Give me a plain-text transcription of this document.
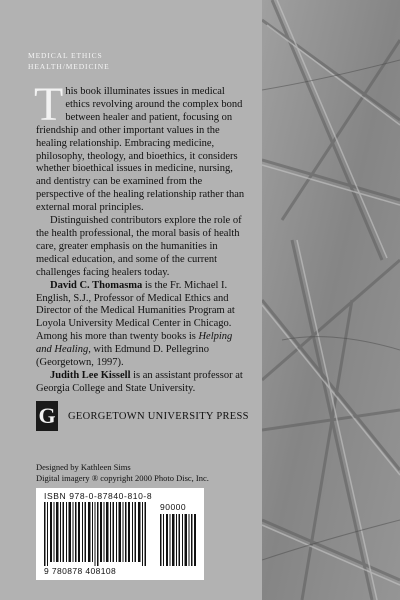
MEDICAL ETHICS
HEALTH/MEDICINE

This book illuminates issues in medical ethics revolving around the complex bond between healer and patient, focusing on friendship and other important values in the healing relationship. Embracing medicine, philosophy, theology, and bioethics, it considers whether bioethical issues in medicine, nursing, and dentistry can be examined from the perspective of the healing relationship rather than external moral principles.

Distinguished contributors explore the role of the health professional, the moral basis of health care, greater emphasis on the humanities in medical education, and some of the current challenges facing healers today.

David C. Thomasma is the Fr. Michael I. English, S.J., Professor of Medical Ethics and Director of the Medical Humanities Program at Loyola University Medical Center in Chicago. Among his more than twenty books is Helping and Healing, with Edmund D. Pellegrino (Georgetown, 1997).

Judith Lee Kissell is an assistant professor at Georgia College and State University.

G GEORGETOWN UNIVERSITY PRESS
Designed by Kathleen Sims
Digital imagery ® copyright 2000 Photo Disc, Inc.
ISBN 978-0-87840-810-8
90000
9 780878 408108
